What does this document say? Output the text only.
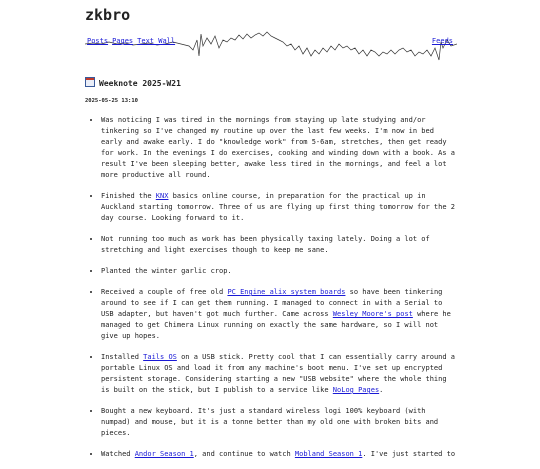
zkbro
Posts Pages Text Wall	Feeds
Weeknote 2025-W21
2025-05-25 13:10
• Was noticing I was tired in the mornings from staying up late studying and/or tinkering so I've changed my routine up over the last few weeks. I'm now in bed early and awake early. I do "knowledge work" from 5-6am, stretches, then get ready for work. In the evenings I do exercises, cooking and winding down with a book. As a result I've been sleeping better, awake less tired in the mornings, and feel a lot more productive all round.
• Finished the KNX basics online course, in preparation for the practical up in Auckland starting tomorrow. Three of us are flying up first thing tomorrow for the 2 day course. Looking forward to it.
• Not running too much as work has been physically taxing lately. Doing a lot of stretching and light exercises though to keep me sane.
• Planted the winter garlic crop.
• Received a couple of free old PC Engine alix system boards so have been tinkering around to see if I can get them running. I managed to connect in with a Serial to USB adapter, but haven't got much further. Came across Wesley Moore's post where he managed to get Chimera Linux running on exactly the same hardware, so I will not give up hopes.
• Installed Tails OS on a USB stick. Pretty cool that I can essentially carry around a portable Linux OS and load it from any machine's boot menu. I've set up encrypted persistent storage. Considering starting a new "USB website" where the whole thing is built on the stick, but I publish to a service like NoLog Pages.
• Bought a new keyboard. It's just a standard wireless logi 100% keyboard (with numpad) and mouse, but it is a tonne better than my old one with broken bits and pieces.
• Watched Andor Season 1, and continue to watch Mobland Season 1. I've just started to
